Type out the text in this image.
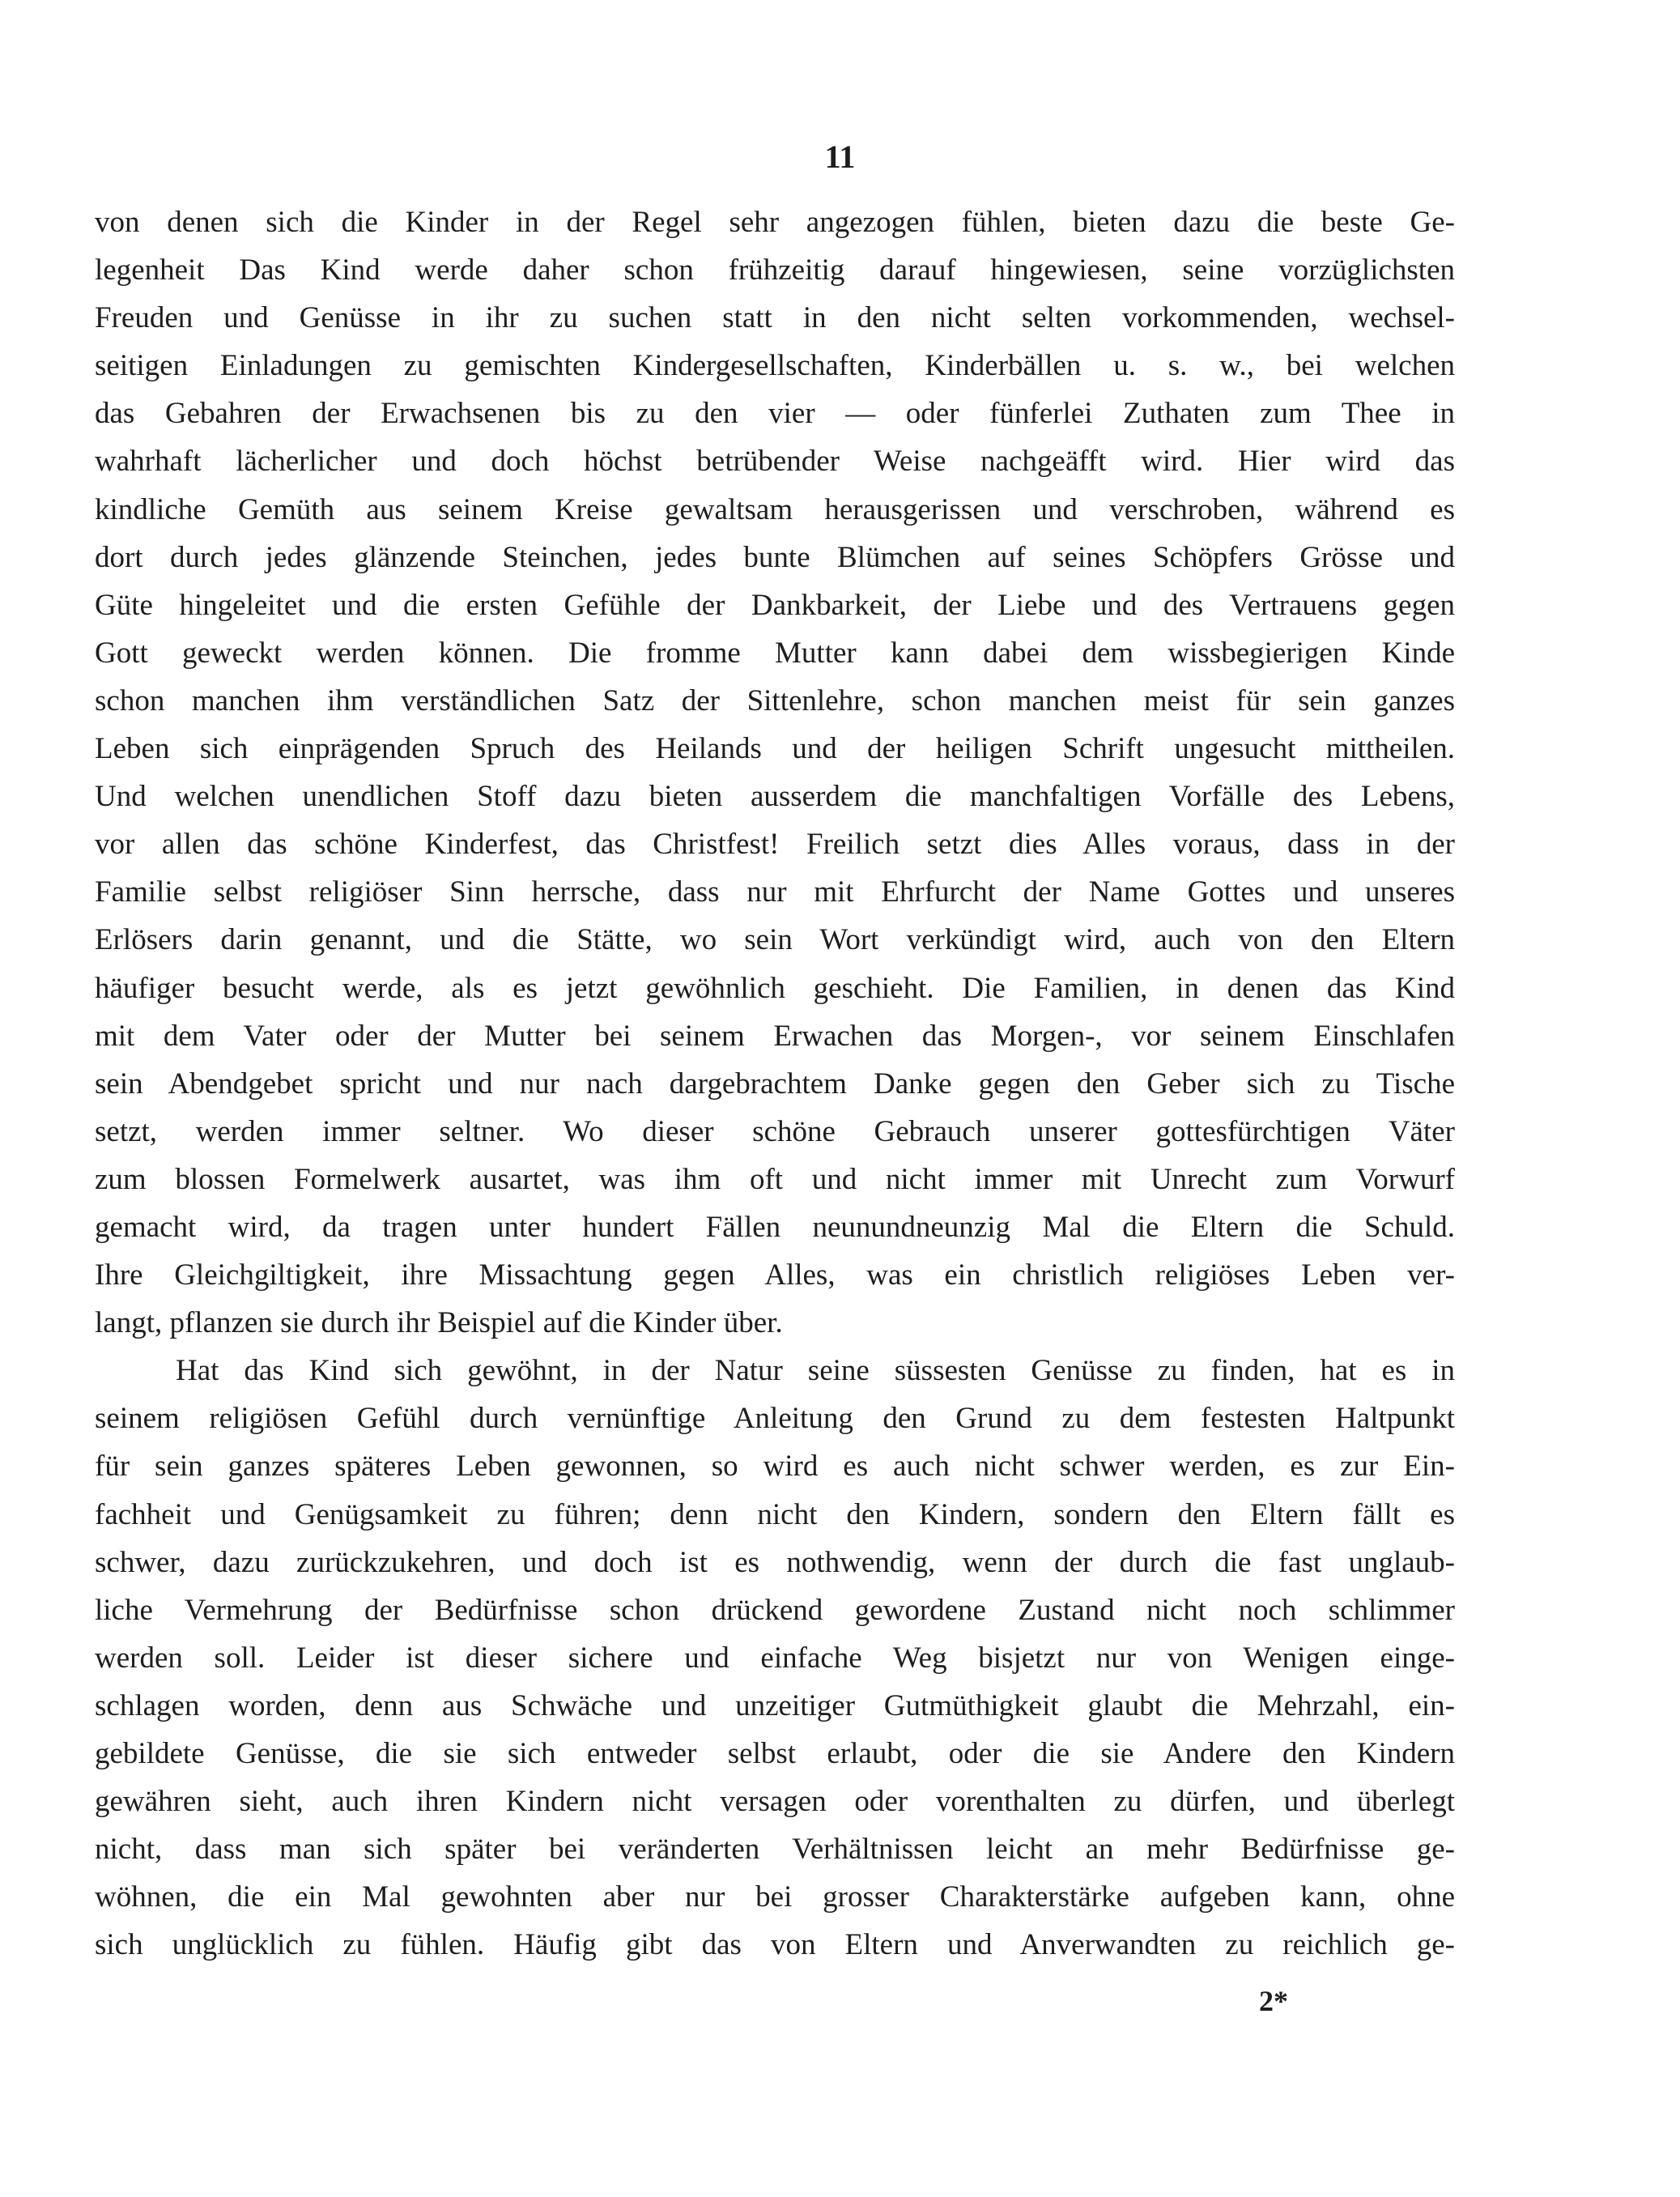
11
von denen sich die Kinder in der Regel sehr angezogen fühlen, bieten dazu die beste Ge-
legenheit Das Kind werde daher schon frühzeitig darauf hingewiesen, seine vorzüglichsten
Freuden und Genüsse in ihr zu suchen statt in den nicht selten vorkommenden, wechsel-
seitigen Einladungen zu gemischten Kindergesellschaften, Kinderbällen u. s. w., bei welchen
das Gebahren der Erwachsenen bis zu den vier — oder fünferlei Zuthaten zum Thee in
wahrhaft lächerlicher und doch höchst betrübender Weise nachgeäfft wird. Hier wird das
kindliche Gemüth aus seinem Kreise gewaltsam herausgerissen und verschroben, während es
dort durch jedes glänzende Steinchen, jedes bunte Blümchen auf seines Schöpfers Grösse und
Güte hingeleitet und die ersten Gefühle der Dankbarkeit, der Liebe und des Vertrauens gegen
Gott geweckt werden können. Die fromme Mutter kann dabei dem wissbegierigen Kinde
schon manchen ihm verständlichen Satz der Sittenlehre, schon manchen meist für sein ganzes
Leben sich einprägenden Spruch des Heilands und der heiligen Schrift ungesucht mittheilen.
Und welchen unendlichen Stoff dazu bieten ausserdem die manchfaltigen Vorfälle des Lebens,
vor allen das schöne Kinderfest, das Christfest! Freilich setzt dies Alles voraus, dass in der
Familie selbst religiöser Sinn herrsche, dass nur mit Ehrfurcht der Name Gottes und unseres
Erlösers darin genannt, und die Stätte, wo sein Wort verkündigt wird, auch von den Eltern
häufiger besucht werde, als es jetzt gewöhnlich geschieht. Die Familien, in denen das Kind
mit dem Vater oder der Mutter bei seinem Erwachen das Morgen-, vor seinem Einschlafen
sein Abendgebet spricht und nur nach dargebrachtem Danke gegen den Geber sich zu Tische
setzt, werden immer seltner. Wo dieser schöne Gebrauch unserer gottesfürchtigen Väter
zum blossen Formelwerk ausartet, was ihm oft und nicht immer mit Unrecht zum Vorwurf
gemacht wird, da tragen unter hundert Fällen neunundneunzig Mal die Eltern die Schuld.
Ihre Gleichgiltigkeit, ihre Missachtung gegen Alles, was ein christlich religiöses Leben ver-
langt, pflanzen sie durch ihr Beispiel auf die Kinder über.
Hat das Kind sich gewöhnt, in der Natur seine süssesten Genüsse zu finden, hat es in
seinem religiösen Gefühl durch vernünftige Anleitung den Grund zu dem festesten Haltpunkt
für sein ganzes späteres Leben gewonnen, so wird es auch nicht schwer werden, es zur Ein-
fachheit und Genügsamkeit zu führen; denn nicht den Kindern, sondern den Eltern fällt es
schwer, dazu zurückzukehren, und doch ist es nothwendig, wenn der durch die fast unglaub-
liche Vermehrung der Bedürfnisse schon drückend gewordene Zustand nicht noch schlimmer
werden soll. Leider ist dieser sichere und einfache Weg bisjetzt nur von Wenigen einge-
schlagen worden, denn aus Schwäche und unzeitiger Gutmüthigkeit glaubt die Mehrzahl, ein-
gebildete Genüsse, die sie sich entweder selbst erlaubt, oder die sie Andere den Kindern
gewähren sieht, auch ihren Kindern nicht versagen oder vorenthalten zu dürfen, und überlegt
nicht, dass man sich später bei veränderten Verhältnissen leicht an mehr Bedürfnisse ge-
wöhnen, die ein Mal gewohnten aber nur bei grosser Charakterstärke aufgeben kann, ohne
sich unglücklich zu fühlen. Häufig gibt das von Eltern und Anverwandten zu reichlich ge-
2*
